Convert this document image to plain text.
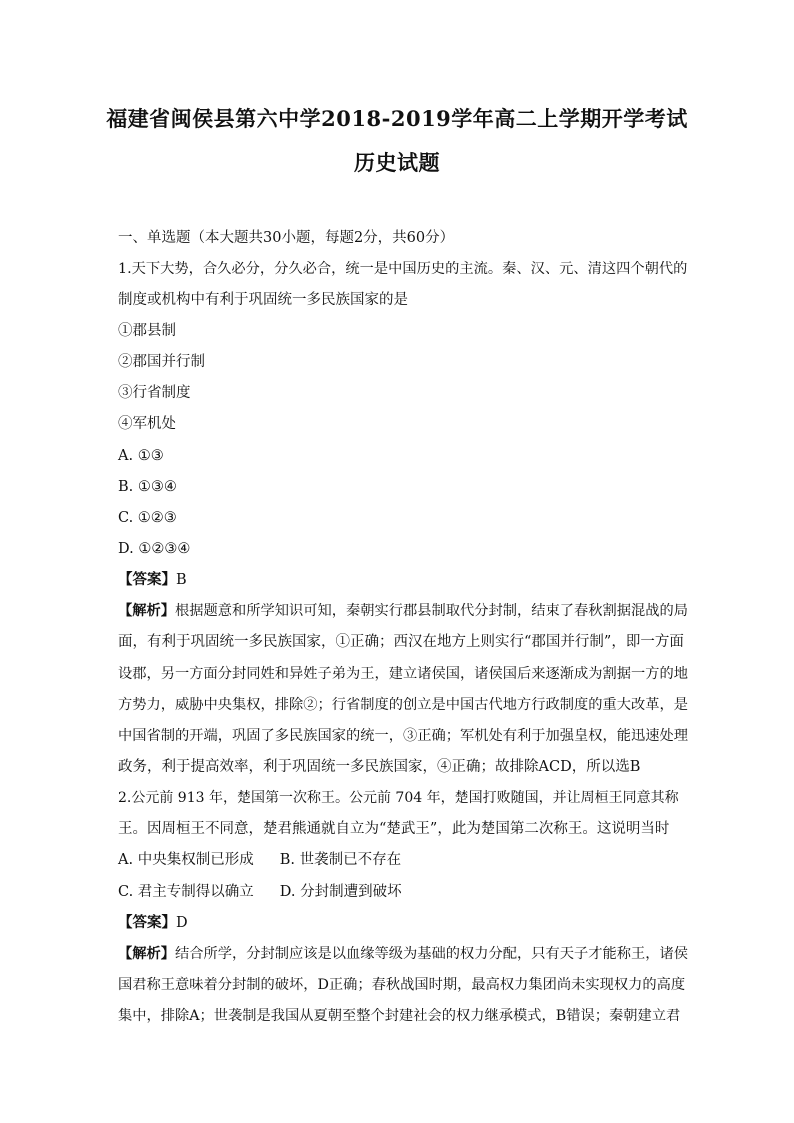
福建省闽侯县第六中学2018-2019学年高二上学期开学考试
历史试题
一、单选题（本大题共30小题，每题2分，共60分）
1.天下大势，合久必分，分久必合，统一是中国历史的主流。秦、汉、元、清这四个朝代的
制度或机构中有利于巩固统一多民族国家的是
①郡县制
②郡国并行制
③行省制度
④军机处
A. ①③
B. ①③④
C. ①②③
D. ①②③④
【答案】B
【解析】根据题意和所学知识可知，秦朝实行郡县制取代分封制，结束了春秋割据混战的局
面，有利于巩固统一多民族国家，①正确；西汉在地方上则实行“郡国并行制”，即一方面
设郡，另一方面分封同姓和异姓子弟为王，建立诸侯国，诸侯国后来逐渐成为割据一方的地
方势力，威胁中央集权，排除②；行省制度的创立是中国古代地方行政制度的重大改革，是
中国省制的开端，巩固了多民族国家的统一，③正确；军机处有利于加强皇权，能迅速处理
政务，利于提高效率，利于巩固统一多民族国家，④正确；故排除ACD，所以选B
2.公元前 913 年，楚国第一次称王。公元前 704 年，楚国打败随国，并让周桓王同意其称
王。因周桓王不同意，楚君熊通就自立为“楚武王”，此为楚国第二次称王。这说明当时
A. 中央集权制已形成 B. 世袭制已不存在
C. 君主专制得以确立 D. 分封制遭到破坏
【答案】D
【解析】结合所学，分封制应该是以血缘等级为基础的权力分配，只有天子才能称王，诸侯
国君称王意味着分封制的破坏，D正确；春秋战国时期，最高权力集团尚未实现权力的高度
集中，排除A；世袭制是我国从夏朝至整个封建社会的权力继承模式，B错误；秦朝建立君
